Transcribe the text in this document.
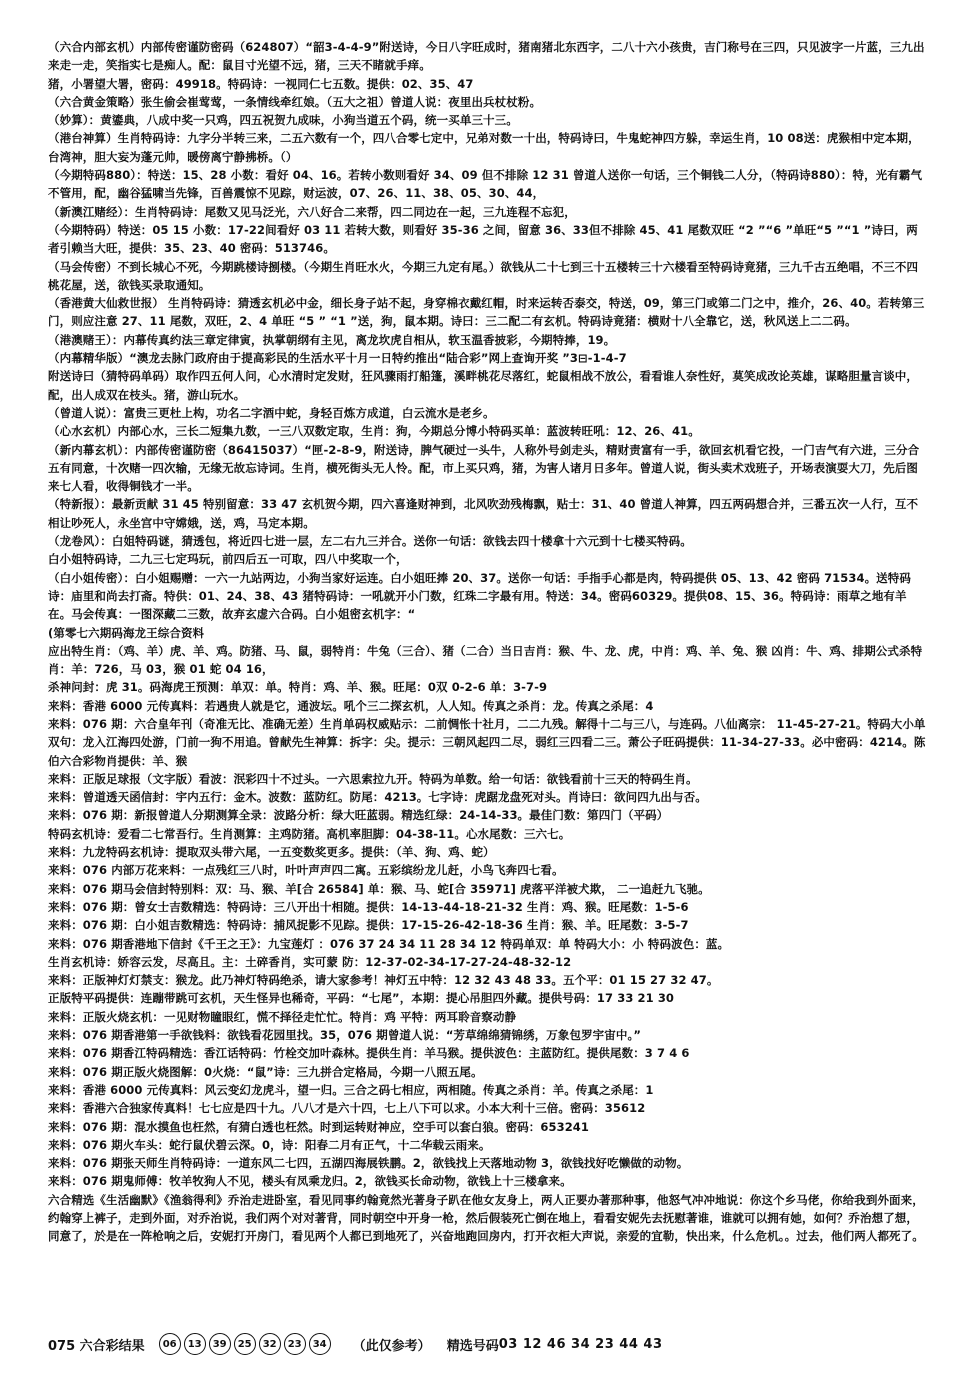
（六合内部玄机）内部传密谨防密码（624807）“韶3-4-4-9”附送诗，今日八字旺成时，猪南猪北东西字，二八十六小孩贵，吉门称号在三四，只见波字一片蓝，三九出来走一走，笑指实七是痴人。配：鼠目寸光望不远，猪，三天不睹就手痒。
猪，小署望大署，密码：49918。特码诗：一视同仁七五数。提供：02、35、47
（六合黄金策略）张生偷会崔莺莺，一条情线牵红娘。（五大之祖）曾道人说：夜里出兵杖杖粉。
（妙算）：黄鎏典，八成中奖一只鸡，四五祝贺九成味，小狗当道五个码，统一买单三十三。
（港台神算）生肖特码诗：九字分半转三来，二五六数有一个，四八合零七定中，兄弟对数一十出，特码诗曰，牛鬼蛇神四方躲，幸运生肖，10 08送：虎猴相中定本期，台湾神，胆大妄为蓬元帅，暖傍离宁静拂桥。（）
（今期特码880）：特送：15、28 小数：看好 04、16。若转小数则看好 34、09 但不排除 12 31 曾道人送你一句话，三个铜钱二人分，（特码诗880）：特，光有霸气不管用，配，幽谷猛啸当先锋，百兽震惊不见踪，财运波，07、26、11、38、05、30、44，
（新澳江赌经）：生肖特码诗：尾数又见马泛光，六八好合二来帮，四二同边在一起，三九连程不忘犯，
（今期特码）特送：05 15 小数：17-22间看好 03 11 若转大数，则看好 35-36 之间，留意 36、33但不排除 45、41 尾数双旺 “2 ”“6 ”单旺“5 ”“1 ”诗曰，两者引赖当大旺，提供：35、23、40 密码：513746。
（马会传密）不到长城心不死，今期跳楼诗捌楼。（今期生肖旺水火，今期三九定有尾。）欲钱从二十七到三十五楼转三十六楼看至特码诗竟猪，三九千古五绝唱，不三不四桃花屋，送，欲钱买录取通知。
（香港黄大仙救世报） 生肖特码诗：猜透玄机必中金，细长身子站不起，身穿棉衣戴红帽，时来运转否泰交，特送，09，第三门或第二门之中，推介，26、40。若转第三门，则应注意 27、11 尾数，双旺，2、4 单旺 “5 ” “1 ”送，狗，鼠本期。诗曰：三二配二有玄机。特码诗竟猪：横财十八全靠它，送，秋风送上二二码。
（港澳赌王）：内幕传真约法三章定律寅，执掌朝纲有主见，离龙坎虎自相从，软玉温香披彩，今期特捧，19。
（内幕精华版）“澳龙去脉门政府由于提高彩民的生活水平十月一日特约推出“陆合彩”网上查询开奖 ”3⊟-1-4-7
附送诗曰（猜特码单码）取作四五何人问，心水清时定发财，狂风骤雨打船篷，溪畔桃花尽落红，蛇鼠相战不放公，看看谁人奈性好，莫笑成改论英雄，谋略胆量言谈中，配，出人成双在枝头。猪，游山玩水。
（曾道人说）：富贵三更杜上构，功名二字酒中蛇，身轻百炼方成道，白云流水是老乡。
（心水玄机）内部心水，三长二短集九数，一三八双数定取，生肖：狗，今期总分博小特码买单：蓝波转旺吼：12、26、41。
（新内幕玄机）：内部传密谨防密（86415037）“匣-2-8-9，附送诗，脾气硬过一头牛，人称外号剑走头，精财责富有一手，欲回玄机看它投，一门吉气有六进，三分合五有同意，十次赌一四次输，无缘无故忘诗词。生肖，横死街头无人怜。配，市上买只鸡，猪，为害人诸月日多年。曾道人说，街头卖术戏班子，开场表演耍大刀，先后图来七人看，收得铜钱才一半。
（特新报）：最新贡献 31 45 特别留意：33 47 玄机贺今期，四六喜逢财神到，北风吹劲残梅飘，贴士：31、40 曾道人神算，四五两码想合并，三番五次一人行，互不相让吵死人，永坐宫中守嫦娥，送，鸡，马定本期。
（龙卷风）：白姐特码谜，猜透包，将近四七进一层，左二右九三并合。送你一句话：欲钱去四十楼拿十六元到十七楼买特码。
白小姐特码诗，二九三七定玛玩，前四后五一可取，四八中奖取一个，
（白小姐传密）：白小姐赐赠：一六一九站两边，小狗当家好运连。白小姐旺捧 20、37。送你一句话：手指手心都是肉，特码提供 05、13、42 密码 71534。送特码诗：庙里和尚去打斋。特供：01、24、38、43 猪特码诗：一吼就开小门数，红珠二字最有用。特送：34。密码60329。提供08、15、36。特码诗：雨草之地有羊在。马会传真：一图深藏二三数，故弃玄虚六合码。白小姐密玄机字：“
(第零七六期码海龙王综合资料
应出特生肖：（鸡、羊）虎、羊、鸡。防猪、马、鼠，弱特肖：牛兔（三合）、猪（二合）当日吉肖：猴、牛、龙、虎，中肖：鸡、羊、兔、猴 凶肖：牛、鸡、排期公式杀特肖：羊：726，马 03，猴 01 蛇 04 16，
杀神问封：虎 31。码海虎王预测：单双：单。特肖：鸡、羊、猴。旺尾：0双 0-2-6 单：3-7-9
来料：香港 6000 元传真料：若遇贵人就是它，通波坛。吼个三二探玄机，人人知。传真之杀肖：龙。传真之杀尾：4
来料：076 期：六合皇年刊（奇准无比、准确无差）生肖单码权威贴示：二前惆怅十社月，二二九残。解得十二与三八，与连码。八仙离宗： 11-45-27-21。特码大小单双句：龙入江海四处游，门前一狗不用追。曾献先生神算：拆字：尖。提示：三朝风起四二尽，弱红三四看二三。萧公子旺码提供：11-34-27-33。必中密码：4214。陈伯六合彩物肖提供：羊、猴
来料：正版足球报（文字版）看波：泯彩四十不过头。一六思索拉九开。特码为单数。给一句话：欲钱看前十三天的特码生肖。
来料：曾道透天函信封：宇内五行：金木。波数：蓝防红。防尾：4213。七字诗：虎踞龙盘死对头。肖诗曰：欲问四九出与否。
来料：076 期：新报曾道人分期测算全录：波路分析：绿大旺蓝弱。精选红绿：24-14-33。最佳门数：第四门（平码）
特码玄机诗：爱看二七常吾行。生肖测算：主鸡防猪。高机率胆脚：04-38-11。心水尾数：三六七。
来料：九龙特码玄机诗：提取双头带六尾，一五变数奖更多。提供：（羊、狗、鸡、蛇）
来料：076 内部万花来料：一点残红三八时，叶叶声声四二寓。五彩缤纷龙儿赶，小鸟飞奔四七看。
来料：076 期马会信封特别料：双：马、猴、羊[合 26584] 单：猴、马、蛇[合 35971] 虎落平洋被犬欺， 二一追赶九飞驰。
来料：076 期：曾女士吉数精选：特码诗：三八开出十相随。提供：14-13-44-18-21-32 生肖：鸡、猴。旺尾数：1-5-6
来料：076 期：白小姐吉数精选：特码诗：捕风捉影不见踪。提供：17-15-26-42-18-36 生肖：猴、羊。旺尾数：3-5-7
来料：076 期香港地下信封《千王之王》：九宝莲灯 ：076 37 24 34 11 28 34 12 特码单双：单 特码大小：小 特码波色：蓝。
生肖玄机诗：娇容云发，尽高且。主：土碎香肖，实可蒙 防：12-37-02-34-17-27-24-48-32-12
来料：正版神灯灯禁支：猴龙。此乃神灯特码绝杀，请大家参考！神灯五中特：12 32 43 48 33。五个平：01 15 27 32 47。
正版特平码提供：连蹦带跳可玄机，天生怪异也稀奇，平码：“七尾”，本期：提心吊胆四外藏。提供号码：17 33 21 30
来料：正版火烧玄机：一见财物瞳眼红，慌不择径走忙忙。特肖：鸡 平特：两耳聆音察动静
来料：076 期香港第一手欲钱料：欲钱看花园里找。35，076 期曾道人说：“芳草绵绵猜锦绣，万象包罗宇宙中。”
来料：076 期香江特码精选：香江话特码：竹栓交加叶森林。提供生肖：羊马猴。提供波色：主蓝防红。提供尾数：3 7 4 6
来料：076 期正版火烧图解：0火烧：“鼠”诗：三九拼合定格局，今期一八照五尾。
来料：香港 6000 元传真料：风云变幻龙虎斗，望一归。三合之码七相应，两相随。传真之杀肖：羊。传真之杀尾：1
来料：香港六合独家传真料！七七应是四十九。八八才是六十四，七上八下可以求。小本大利十三倍。密码：35612
来料：076 期：混水摸鱼也枉然，有猜白透也枉然。时到运转财神应，空手可以套白狼。密码：653241
来料：076 期火车头：蛇行鼠伏碧云深。0，诗：阳春二月有正气，十二华载云雨来。
来料：076 期张天师生肖特码诗：一道东风二七四，五湖四海展铁鹏。2，欲钱找上天落地动物 3，欲钱找好吃懒做的动物。
来料：076 期鬼师傅：牧羊牧狗人不见，楼头有凤乘龙归。2，欲钱买长命动物，欲钱上十三楼拿来。
六合精选《生活幽默》《渔翁得利》乔治走进卧室，看见同事约翰竟然光著身子趴在他女友身上，两人正要办著那种事，他怒气冲冲地说：你这个乡马佬，你给我到外面来，约翰穿上裤子，走到外面，对乔治说，我们两个对对著背，同时朝空中开身一枪，然后假装死亡倒在地上，看看安妮先去抚慰著谁，谁就可以拥有她，如何？乔治想了想，同意了，於是在一阵枪响之后，安妮打开房门，看见两个人都已到地死了，兴奋地跑回房内，打开衣柜大声说，亲爱的宜勒，快出来，什么危机。。过去，他们两人都死了。
075 六合彩结果	06	13	39	25	32	23	34	（此仅参考） 精选号码 03 12 46 34 23 44 43
